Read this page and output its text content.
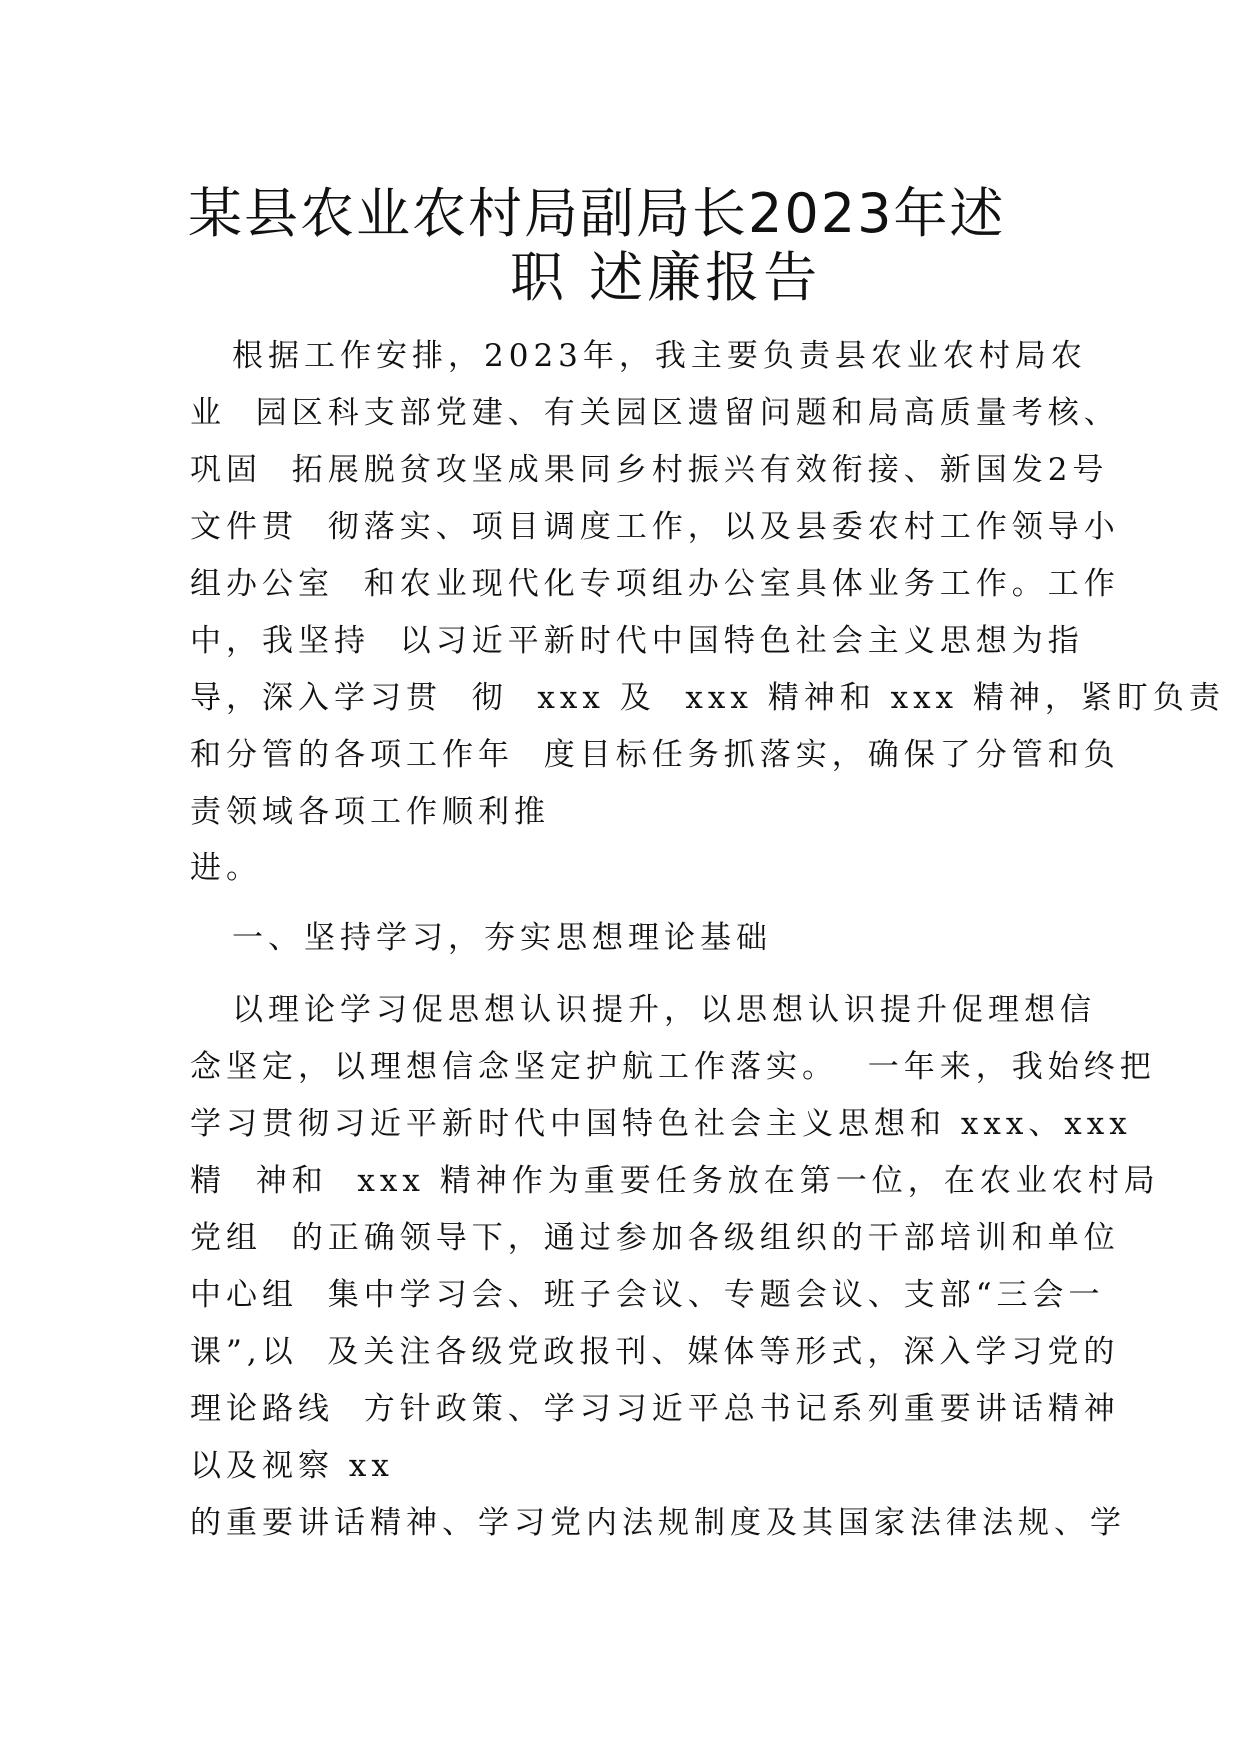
某县农业农村局副局长2023年述
职 述廉报告
根据工作安排，2023年，我主要负责县农业农村局农
业  园区科支部党建、有关园区遗留问题和局高质量考核、
巩固  拓展脱贫攻坚成果同乡村振兴有效衔接、新国发2号
文件贯  彻落实、项目调度工作，以及县委农村工作领导小
组办公室  和农业现代化专项组办公室具体业务工作。工作
中，我坚持  以习近平新时代中国特色社会主义思想为指
导，深入学习贯  彻  xxx 及  xxx 精神和 xxx 精神，紧盯负责
和分管的各项工作年  度目标任务抓落实，确保了分管和负
责领域各项工作顺利推
进。
一、坚持学习，夯实思想理论基础
以理论学习促思想认识提升，以思想认识提升促理想信
念坚定，以理想信念坚定护航工作落实。  一年来，我始终把
学习贯彻习近平新时代中国特色社会主义思想和 xxx、xxx
精  神和  xxx 精神作为重要任务放在第一位，在农业农村局
党组  的正确领导下，通过参加各级组织的干部培训和单位
中心组  集中学习会、班子会议、专题会议、支部“三会一
课”,以  及关注各级党政报刊、媒体等形式，深入学习党的
理论路线  方针政策、学习习近平总书记系列重要讲话精神
以及视察 xx
的重要讲话精神、学习党内法规制度及其国家法律法规、学
